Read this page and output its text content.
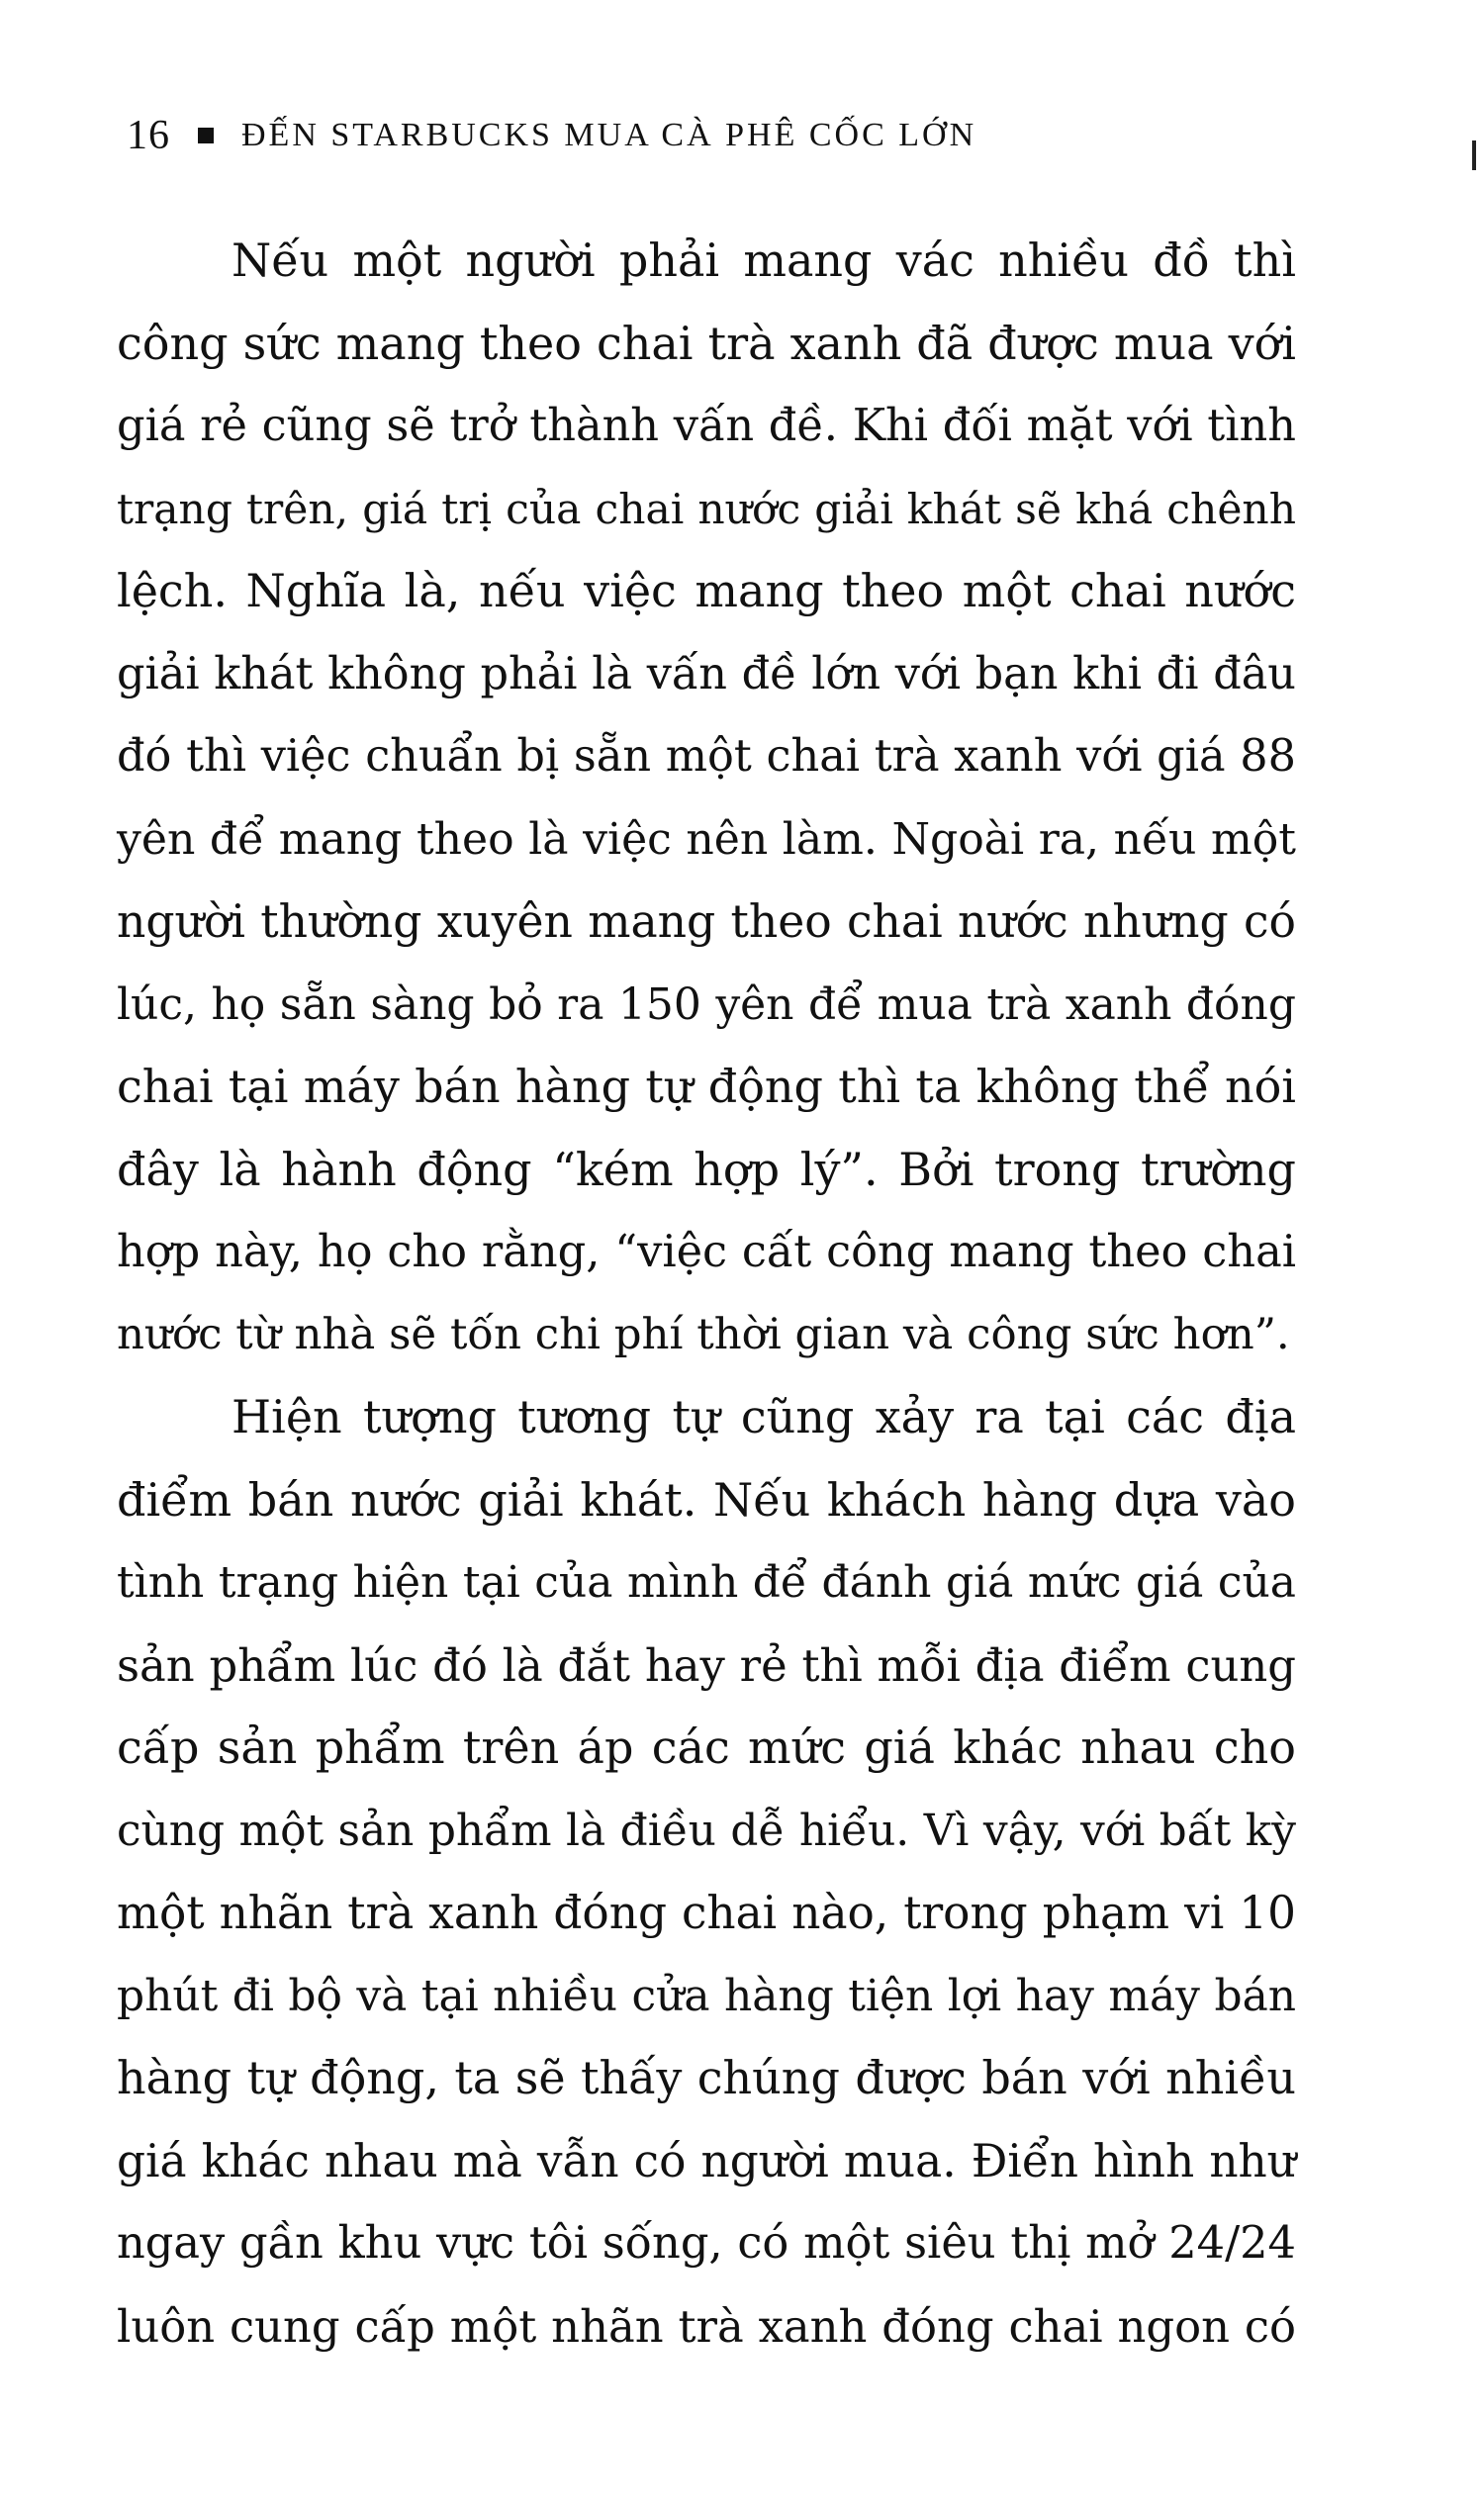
16 ĐẾN STARBUCKS MUA CÀ PHÊ CỐC LỚN
Nếu một người phải mang vác nhiều đồ thì
công sức mang theo chai trà xanh đã được mua với
giá rẻ cũng sẽ trở thành vấn đề. Khi đối mặt với tình
trạng trên, giá trị của chai nước giải khát sẽ khá chênh
lệch. Nghĩa là, nếu việc mang theo một chai nước
giải khát không phải là vấn đề lớn với bạn khi đi đâu
đó thì việc chuẩn bị sẵn một chai trà xanh với giá 88
yên để mang theo là việc nên làm. Ngoài ra, nếu một
người thường xuyên mang theo chai nước nhưng có
lúc, họ sẵn sàng bỏ ra 150 yên để mua trà xanh đóng
chai tại máy bán hàng tự động thì ta không thể nói
đây là hành động “kém hợp lý”. Bởi trong trường
hợp này, họ cho rằng, “việc cất công mang theo chai
nước từ nhà sẽ tốn chi phí thời gian và công sức hơn”.
Hiện tượng tương tự cũng xảy ra tại các địa
điểm bán nước giải khát. Nếu khách hàng dựa vào
tình trạng hiện tại của mình để đánh giá mức giá của
sản phẩm lúc đó là đắt hay rẻ thì mỗi địa điểm cung
cấp sản phẩm trên áp các mức giá khác nhau cho
cùng một sản phẩm là điều dễ hiểu. Vì vậy, với bất kỳ
một nhãn trà xanh đóng chai nào, trong phạm vi 10
phút đi bộ và tại nhiều cửa hàng tiện lợi hay máy bán
hàng tự động, ta sẽ thấy chúng được bán với nhiều
giá khác nhau mà vẫn có người mua. Điển hình như
ngay gần khu vực tôi sống, có một siêu thị mở 24/24
luôn cung cấp một nhãn trà xanh đóng chai ngon có
